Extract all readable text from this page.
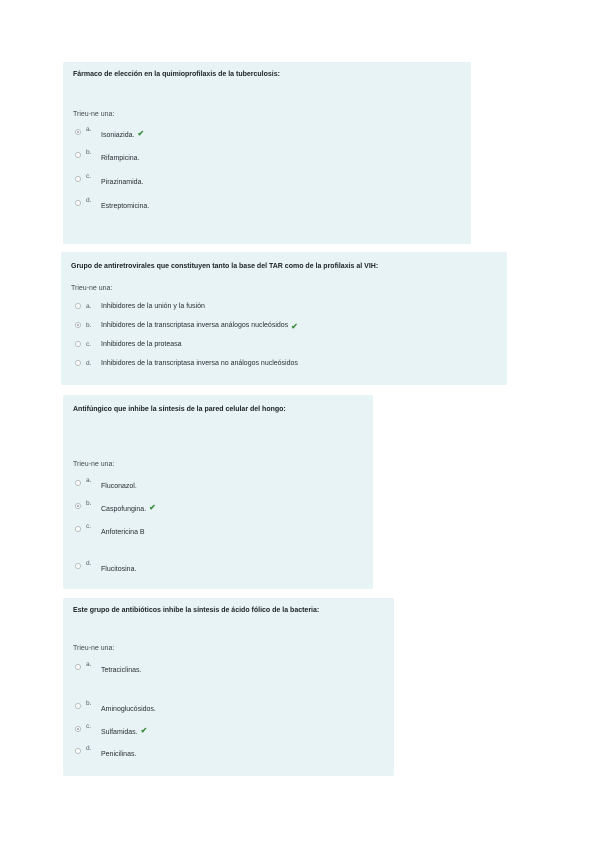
Fármaco de elección en la quimioprofilaxis de la tuberculosis:
Trieu-ne una:
a.
Isoniazida. ✔
b.
Rifampicina.
c.
Pirazinamida.
d.
Estreptomicina.
Grupo de antiretrovirales que constituyen tanto la base del TAR como de la profilaxis al VIH:
Trieu-ne una:
a.	Inhibidores de la unión y la fusión
b.	Inhibidores de la transcriptasa inversa análogos nucleósidos ✔
c.	Inhibidores de la proteasa
d.	Inhibidores de la transcriptasa inversa no análogos nucleósidos
Antifúngico que inhibe la síntesis de la pared celular del hongo:
Trieu-ne una:
a.
Fluconazol.
b.
Caspofungina. ✔
c.
Anfotericina B
d.
Flucitosina.
Este grupo de antibióticos inhibe la síntesis de ácido fólico de la bacteria:
Trieu-ne una:
a.
Tetraciclinas.
b.
Aminoglucósidos.
c.
Sulfamidas. ✔
d.
Penicilinas.
